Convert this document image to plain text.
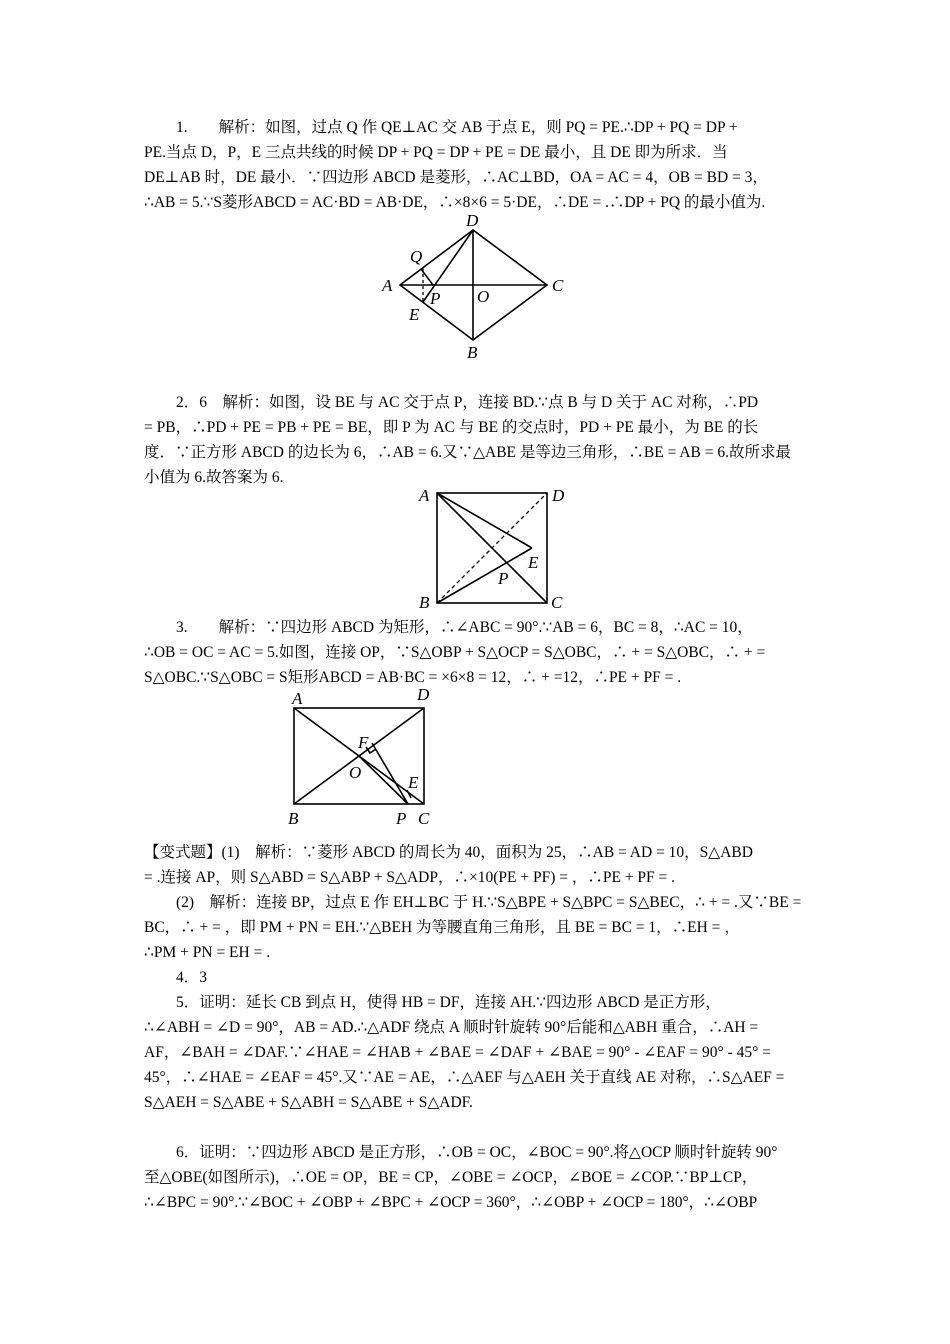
1.　　解析：如图，过点 Q 作 QE⊥AC 交 AB 于点 E，则 PQ = PE.∴DP + PQ = DP +
PE.当点 D，P，E 三点共线的时候 DP + PQ = DP + PE = DE 最小，且 DE 即为所求．当
DE⊥AB 时，DE 最小．∵四边形 ABCD 是菱形，∴AC⊥BD，OA = AC = 4，OB = BD = 3，
∴AB = 5.∵S菱形ABCD = AC·BD = AB·DE，∴×8×6 = 5·DE，∴DE = .∴DP + PQ 的最小值为.
D
A	C
B
O
P
Q
E
2．6　解析：如图，设 BE 与 AC 交于点 P，连接 BD.∵点 B 与 D 关于 AC 对称，∴PD
= PB，∴PD + PE = PB + PE = BE，即 P 为 AC 与 BE 的交点时，PD + PE 最小，为 BE 的长
度．∵正方形 ABCD 的边长为 6，∴AB = 6.又∵△ABE 是等边三角形，∴BE = AB = 6.故所求最
小值为 6.故答案为 6.
A	D
B	C
E
P
3.　　解析：∵四边形 ABCD 为矩形，∴∠ABC = 90°.∵AB = 6，BC = 8，∴AC = 10，
∴OB = OC = AC = 5.如图，连接 OP，∵S△OBP + S△OCP = S△OBC，∴ + = S△OBC，∴ + =
S△OBC.∵S△OBC = S矩形ABCD = AB·BC = ×6×8 = 12，∴ + =12，∴PE + PF = .
A	D
B	C
P
F
O
E
【变式题】(1)　解析：∵菱形 ABCD 的周长为 40，面积为 25，∴AB = AD = 10，S△ABD
= .连接 AP，则 S△ABD = S△ABP + S△ADP，∴×10(PE + PF) = ，∴PE + PF = .
(2)　解析：连接 BP，过点 E 作 EH⊥BC 于 H.∵S△BPE + S△BPC = S△BEC，∴ + = .又∵BE =
BC，∴ + = ，即 PM + PN = EH.∵△BEH 为等腰直角三角形，且 BE = BC = 1，∴EH = ，
∴PM + PN = EH = .
4．3
5．证明：延长 CB 到点 H，使得 HB = DF，连接 AH.∵四边形 ABCD 是正方形，
∴∠ABH = ∠D = 90°，AB = AD.∴△ADF 绕点 A 顺时针旋转 90°后能和△ABH 重合，∴AH =
AF，∠BAH = ∠DAF.∵∠HAE = ∠HAB + ∠BAE = ∠DAF + ∠BAE = 90° - ∠EAF = 90° - 45° =
45°，∴∠HAE = ∠EAF = 45°.又∵AE = AE，∴△AEF 与△AEH 关于直线 AE 对称，∴S△AEF =
S△AEH = S△ABE + S△ABH = S△ABE + S△ADF.
6．证明：∵四边形 ABCD 是正方形，∴OB = OC，∠BOC = 90°.将△OCP 顺时针旋转 90°
至△OBE(如图所示)，∴OE = OP，BE = CP，∠OBE = ∠OCP，∠BOE = ∠COP.∵BP⊥CP，
∴∠BPC = 90°.∵∠BOC + ∠OBP + ∠BPC + ∠OCP = 360°，∴∠OBP + ∠OCP = 180°，∴∠OBP
